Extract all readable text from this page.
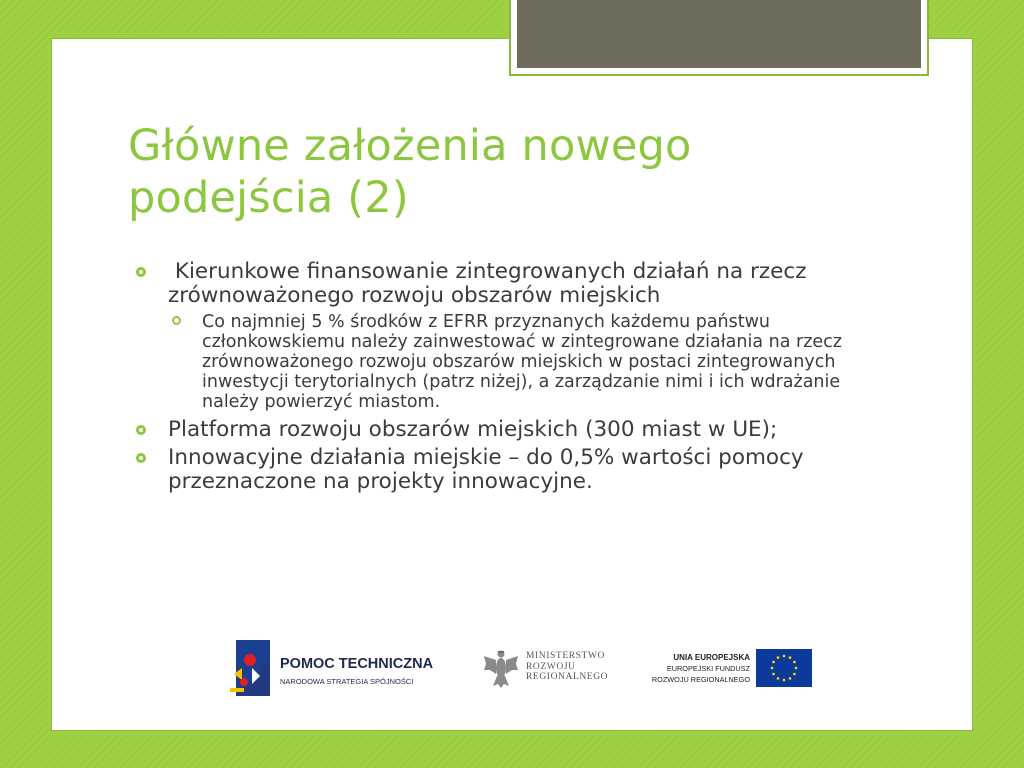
Główne założenia nowego
podejścia (2)
Kierunkowe finansowanie zintegrowanych działań na rzecz zrównoważonego rozwoju obszarów miejskich
Co najmniej 5 % środków z EFRR przyznanych każdemu państwu członkowskiemu należy zainwestować w zintegrowane działania na rzecz zrównoważonego rozwoju obszarów miejskich w postaci zintegrowanych inwestycji terytorialnych (patrz niżej), a zarządzanie nimi i ich wdrażanie należy powierzyć miastom.
Platforma rozwoju obszarów miejskich (300 miast w UE);
Innowacyjne działania miejskie – do 0,5% wartości pomocy przeznaczone na projekty innowacyjne.
POMOC TECHNICZNA
NARODOWA STRATEGIA SPÓJNOŚCI
MINISTERSTWO
ROZWOJU
REGIONALNEGO
UNIA EUROPEJSKA
EUROPEJSKI FUNDUSZ
ROZWOJU REGIONALNEGO
